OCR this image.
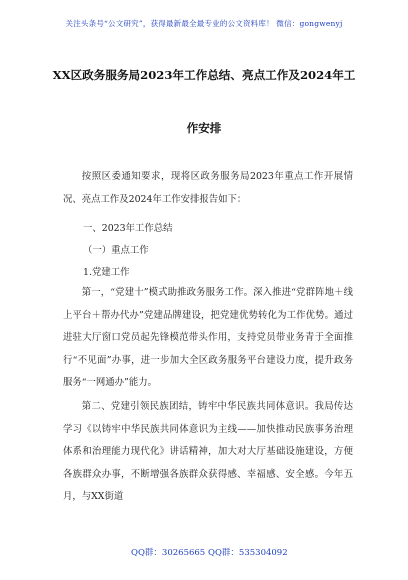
关注头条号“公文研究”，获得最新最全最专业的公文资料库！ 微信：gongwenyj
XX区政务服务局2023年工作总结、亮点工作及2024年工
作安排
按照区委通知要求，现将区政务服务局2023年重点工作开展情况、亮点工作及2024年工作安排报告如下：
一、2023年工作总结
（一）重点工作
1.党建工作
第一，“党建十”模式助推政务服务工作。深入推进“党群阵地＋线上平台＋帮办代办”党建品牌建设，把党建优势转化为工作优势。通过进驻大厅窗口党员起先锋模范带头作用，支持党员带业务青于全面推行“不见面”办事，进一步加大全区政务服务平台建设力度，提升政务服务“一网通办”能力。
第二、党建引领民族团结，铸牢中华民族共同体意识。我局传达学习《以铸牢中华民族共同体意识为主线——加快推动民族事务治理体系和治理能力现代化》讲话精神，加大对大厅基础设施建设，方便各族群众办事，不断增强各族群众获得感、幸福感、安全感。今年五月，与XX街道
QQ群：30265665 QQ群：535304092
